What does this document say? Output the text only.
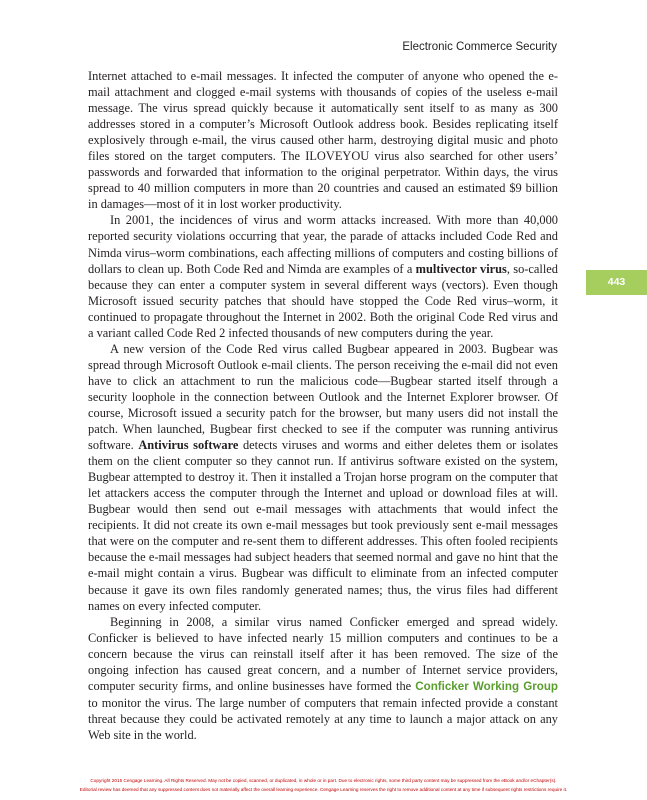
Electronic Commerce Security
443

Internet attached to e-mail messages. It infected the computer of anyone who opened the e-mail attachment and clogged e-mail systems with thousands of copies of the useless e-mail message. The virus spread quickly because it automatically sent itself to as many as 300 addresses stored in a computer’s Microsoft Outlook address book. Besides replicating itself explosively through e-mail, the virus caused other harm, destroying digital music and photo files stored on the target computers. The ILOVEYOU virus also searched for other users’ passwords and forwarded that information to the original perpetrator. Within days, the virus spread to 40 million computers in more than 20 countries and caused an estimated $9 billion in damages—most of it in lost worker productivity.

In 2001, the incidences of virus and worm attacks increased. With more than 40,000 reported security violations occurring that year, the parade of attacks included Code Red and Nimda virus–worm combinations, each affecting millions of computers and costing billions of dollars to clean up. Both Code Red and Nimda are examples of a multivector virus, so-called because they can enter a computer system in several different ways (vectors). Even though Microsoft issued security patches that should have stopped the Code Red virus–worm, it continued to propagate throughout the Internet in 2002. Both the original Code Red virus and a variant called Code Red 2 infected thousands of new computers during the year.

A new version of the Code Red virus called Bugbear appeared in 2003. Bugbear was spread through Microsoft Outlook e-mail clients. The person receiving the e-mail did not even have to click an attachment to run the malicious code—Bugbear started itself through a security loophole in the connection between Outlook and the Internet Explorer browser. Of course, Microsoft issued a security patch for the browser, but many users did not install the patch. When launched, Bugbear first checked to see if the computer was running antivirus software. Antivirus software detects viruses and worms and either deletes them or isolates them on the client computer so they cannot run. If antivirus software existed on the system, Bugbear attempted to destroy it. Then it installed a Trojan horse program on the computer that let attackers access the computer through the Internet and upload or download files at will. Bugbear would then send out e-mail messages with attachments that would infect the recipients. It did not create its own e-mail messages but took previously sent e-mail messages that were on the computer and re-sent them to different addresses. This often fooled recipients because the e-mail messages had subject headers that seemed normal and gave no hint that the e-mail might contain a virus. Bugbear was difficult to eliminate from an infected computer because it gave its own files randomly generated names; thus, the virus files had different names on every infected computer.

Beginning in 2008, a similar virus named Conficker emerged and spread widely. Conficker is believed to have infected nearly 15 million computers and continues to be a concern because the virus can reinstall itself after it has been removed. The size of the ongoing infection has caused great concern, and a number of Internet service providers, computer security firms, and online businesses have formed the Conficker Working Group to monitor the virus. The large number of computers that remain infected provide a constant threat because they could be activated remotely at any time to launch a major attack on any Web site in the world.

Copyright 2015 Cengage Learning. All Rights Reserved. May not be copied, scanned, or duplicated, in whole or in part. Due to electronic rights, some third party content may be suppressed from the eBook and/or eChapter(s).
Editorial review has deemed that any suppressed content does not materially affect the overall learning experience. Cengage Learning reserves the right to remove additional content at any time if subsequent rights restrictions require it.
